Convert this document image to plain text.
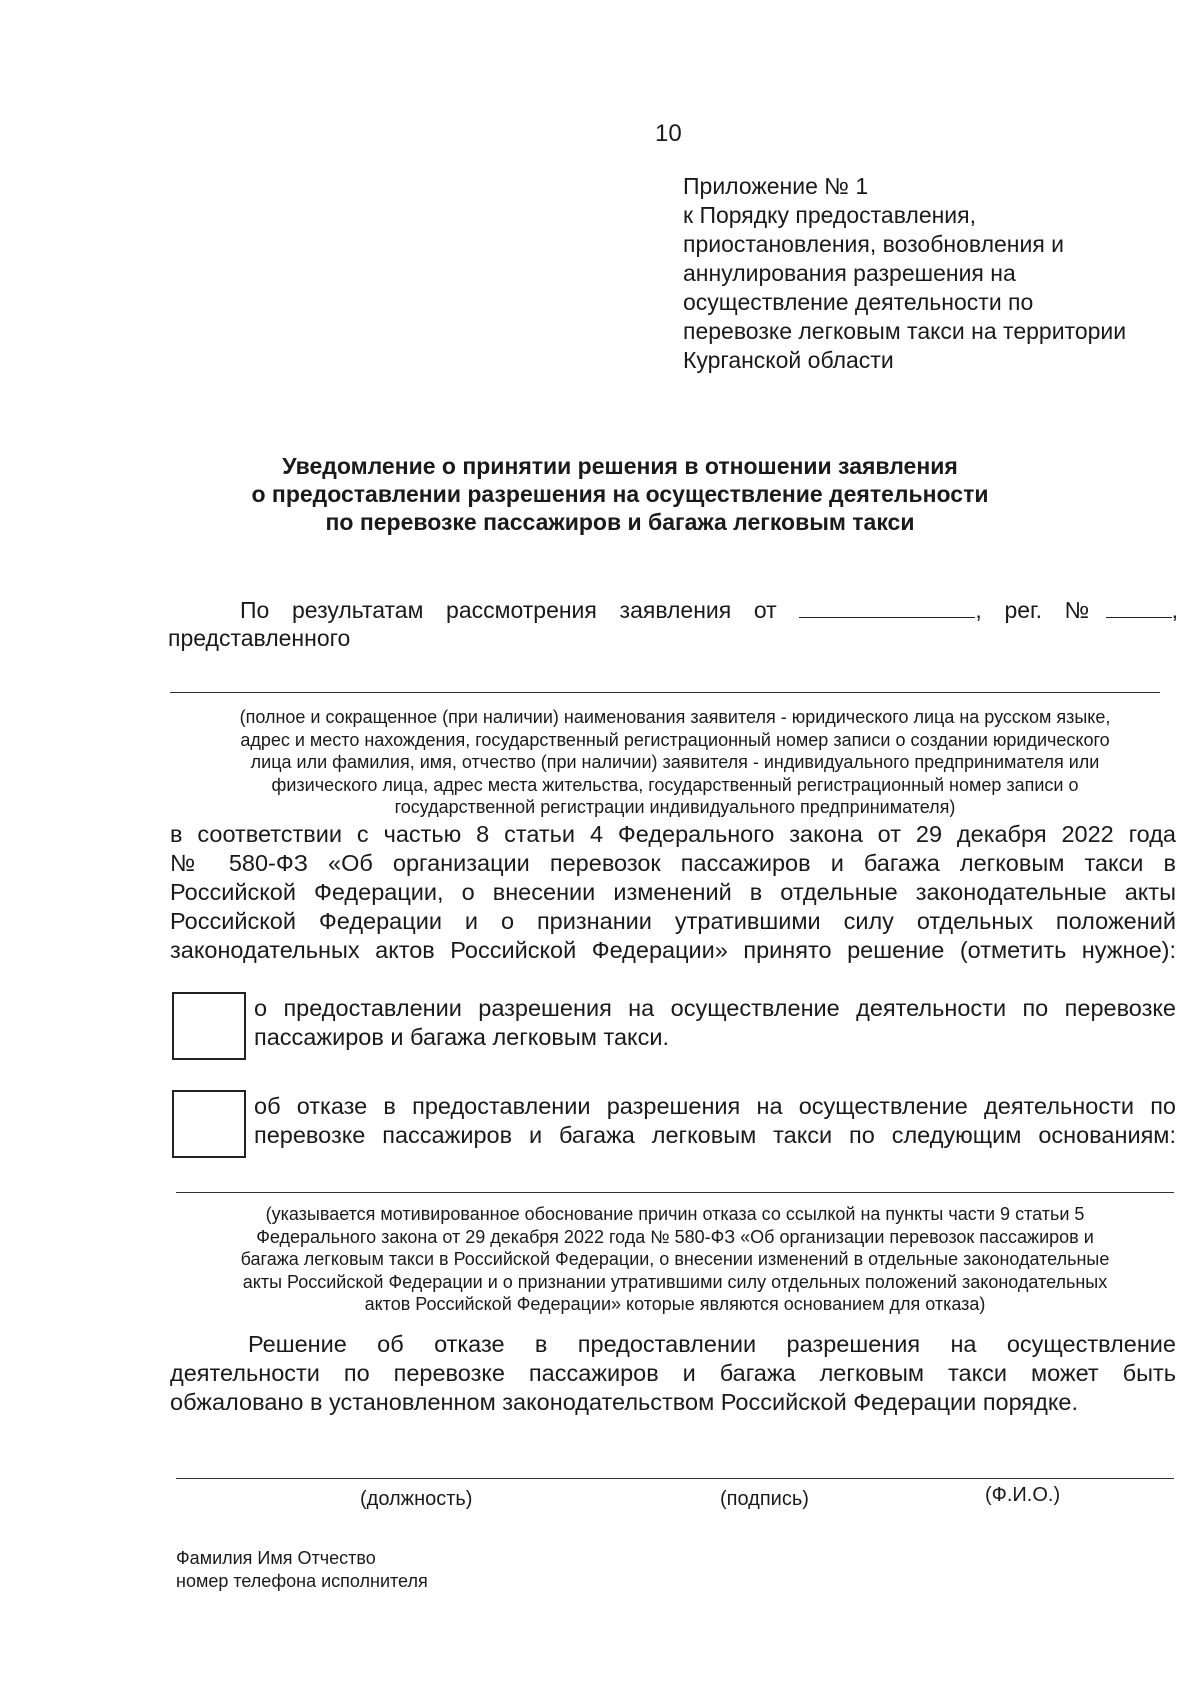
10
Приложение № 1
к Порядку предоставления,
приостановления, возобновления и
аннулирования разрешения на
осуществление деятельности по
перевозке легковым такси на территории
Курганской области
Уведомление о принятии решения в отношении заявления
о предоставлении разрешения на осуществление деятельности
по перевозке пассажиров и багажа легковым такси
По результатам рассмотрения заявления от	, рег. №	,
представленного
(полное и сокращенное (при наличии) наименования заявителя - юридического лица на русском языке,
адрес и место нахождения, государственный регистрационный номер записи о создании юридического
лица или фамилия, имя, отчество (при наличии) заявителя - индивидуального предпринимателя или
физического лица, адрес места жительства, государственный регистрационный номер записи о
государственной регистрации индивидуального предпринимателя)
в соответствии с частью 8 статьи 4 Федерального закона от 29 декабря 2022 года
№ 580-ФЗ «Об организации перевозок пассажиров и багажа легковым такси в
Российской Федерации, о внесении изменений в отдельные законодательные акты
Российской Федерации и о признании утратившими силу отдельных положений
законодательных актов Российской Федерации» принято решение (отметить нужное):
о предоставлении разрешения на осуществление деятельности по перевозке
пассажиров и багажа легковым такси.
об отказе в предоставлении разрешения на осуществление деятельности по
перевозке пассажиров и багажа легковым такси по следующим основаниям:
(указывается мотивированное обоснование причин отказа со ссылкой на пункты части 9 статьи 5
Федерального закона от 29 декабря 2022 года № 580-ФЗ «Об организации перевозок пассажиров и
багажа легковым такси в Российской Федерации, о внесении изменений в отдельные законодательные
акты Российской Федерации и о признании утратившими силу отдельных положений законодательных
актов Российской Федерации» которые являются основанием для отказа)
Решение об отказе в предоставлении разрешения на осуществление
деятельности по перевозке пассажиров и багажа легковым такси может быть
обжаловано в установленном законодательством Российской Федерации порядке.
(должность)	(подпись)	(Ф.И.О.)
Фамилия Имя Отчество
номер телефона исполнителя
